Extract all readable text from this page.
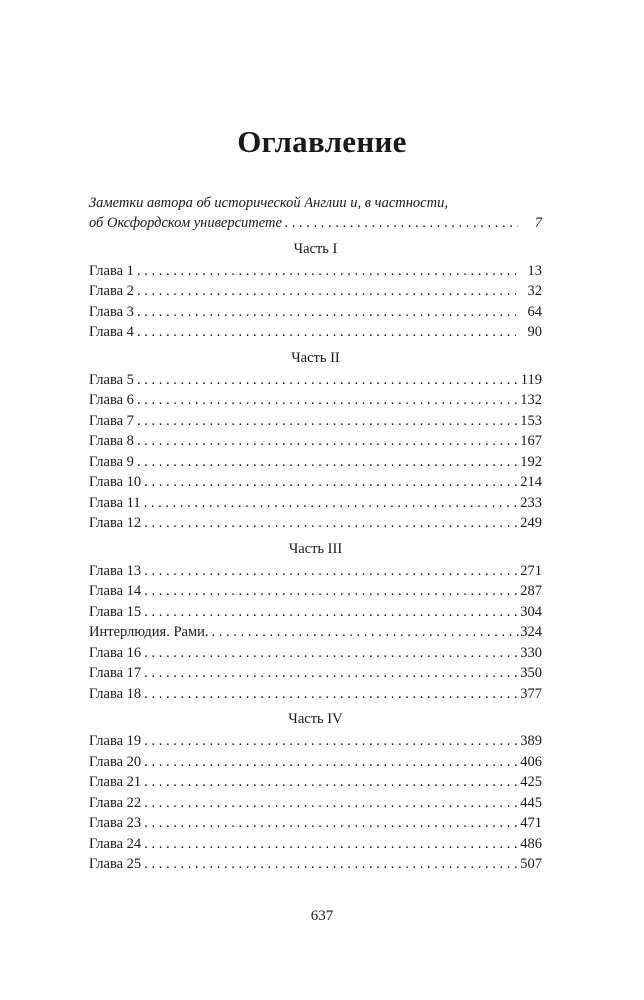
Оглавление
Заметки автора об исторической Англии и, в частности,
об Оксфордском университете . . .	7
Часть I
Глава 1 . . .	13
Глава 2 . . .	32
Глава 3 . . .	64
Глава 4 . . .	90
Часть II
Глава 5 . . .	119
Глава 6 . . .	132
Глава 7 . . .	153
Глава 8 . . .	167
Глава 9 . . .	192
Глава 10 . . .	214
Глава 11 . . .	233
Глава 12 . . .	249
Часть III
Глава 13 . . .	271
Глава 14 . . .	287
Глава 15 . . .	304
Интерлюдия. Рами. . . .	324
Глава 16 . . .	330
Глава 17 . . .	350
Глава 18 . . .	377
Часть IV
Глава 19 . . .	389
Глава 20 . . .	406
Глава 21 . . .	425
Глава 22 . . .	445
Глава 23 . . .	471
Глава 24 . . .	486
Глава 25 . . .	507
637
